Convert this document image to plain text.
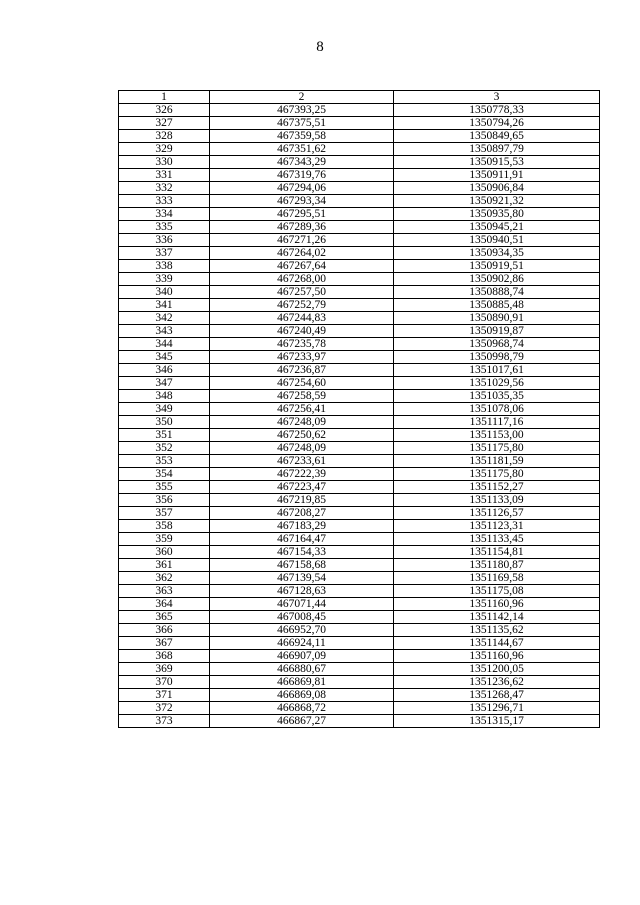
8
1	2	3
326	467393,25	1350778,33
327	467375,51	1350794,26
328	467359,58	1350849,65
329	467351,62	1350897,79
330	467343,29	1350915,53
331	467319,76	1350911,91
332	467294,06	1350906,84
333	467293,34	1350921,32
334	467295,51	1350935,80
335	467289,36	1350945,21
336	467271,26	1350940,51
337	467264,02	1350934,35
338	467267,64	1350919,51
339	467268,00	1350902,86
340	467257,50	1350888,74
341	467252,79	1350885,48
342	467244,83	1350890,91
343	467240,49	1350919,87
344	467235,78	1350968,74
345	467233,97	1350998,79
346	467236,87	1351017,61
347	467254,60	1351029,56
348	467258,59	1351035,35
349	467256,41	1351078,06
350	467248,09	1351117,16
351	467250,62	1351153,00
352	467248,09	1351175,80
353	467233,61	1351181,59
354	467222,39	1351175,80
355	467223,47	1351152,27
356	467219,85	1351133,09
357	467208,27	1351126,57
358	467183,29	1351123,31
359	467164,47	1351133,45
360	467154,33	1351154,81
361	467158,68	1351180,87
362	467139,54	1351169,58
363	467128,63	1351175,08
364	467071,44	1351160,96
365	467008,45	1351142,14
366	466952,70	1351135,62
367	466924,11	1351144,67
368	466907,09	1351160,96
369	466880,67	1351200,05
370	466869,81	1351236,62
371	466869,08	1351268,47
372	466868,72	1351296,71
373	466867,27	1351315,17
